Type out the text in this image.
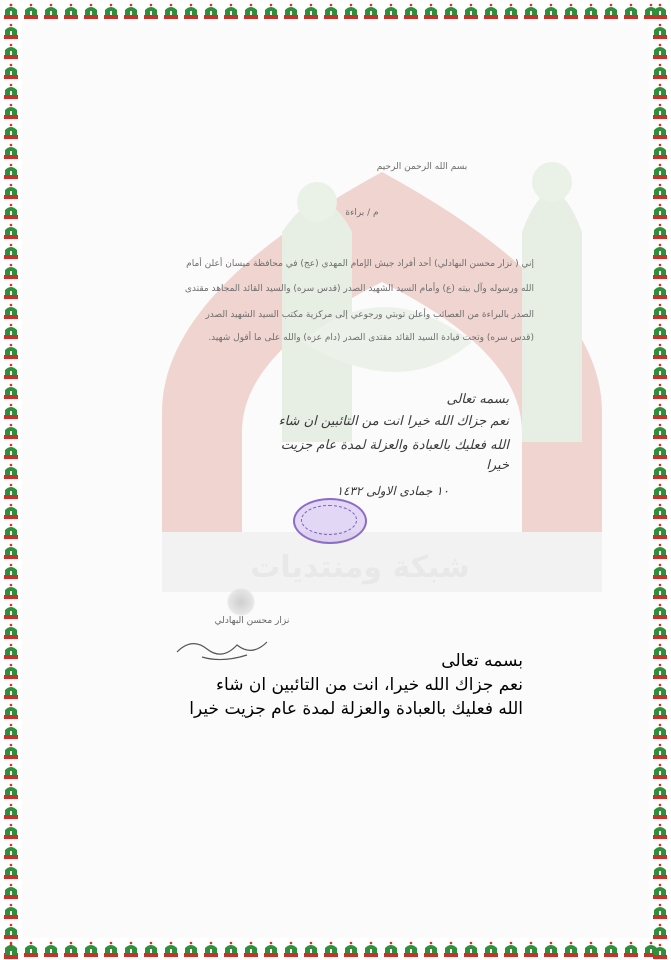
شبكة ومنتديات
بسم الله الرحمن الرحيم
م / براءة
إني ( نزار محسن البهادلي) أحد أفراد جيش الإمام المهدي (عج) في محافظة ميسان أعلن أمام
الله ورسوله وآل بيته (ع) وأمام السيد الشهيد الصدر (قدس سره) والسيد القائد المجاهد مقتدى
الصدر بالبراءة من العصائب وأعلن توبتي ورجوعي إلى مركزية مكتب السيد الشهيد الصدر
(قدس سره) وتحت قيادة السيد القائد مقتدى الصدر (دام عزه) والله على ما أقول شهيد.
بسمه تعالى
نعم جزاك الله خيرا انت من التائبين ان شاء
الله فعليك بالعبادة والعزلة لمدة عام جزيت
خيرا
١٠ جمادى الاولى ١٤٣٢
نزار محسن البهادلي
بسمه تعالى
نعم جزاك الله خيرا، انت من التائبين ان شاء
الله فعليك بالعبادة والعزلة لمدة عام جزيت خيرا
